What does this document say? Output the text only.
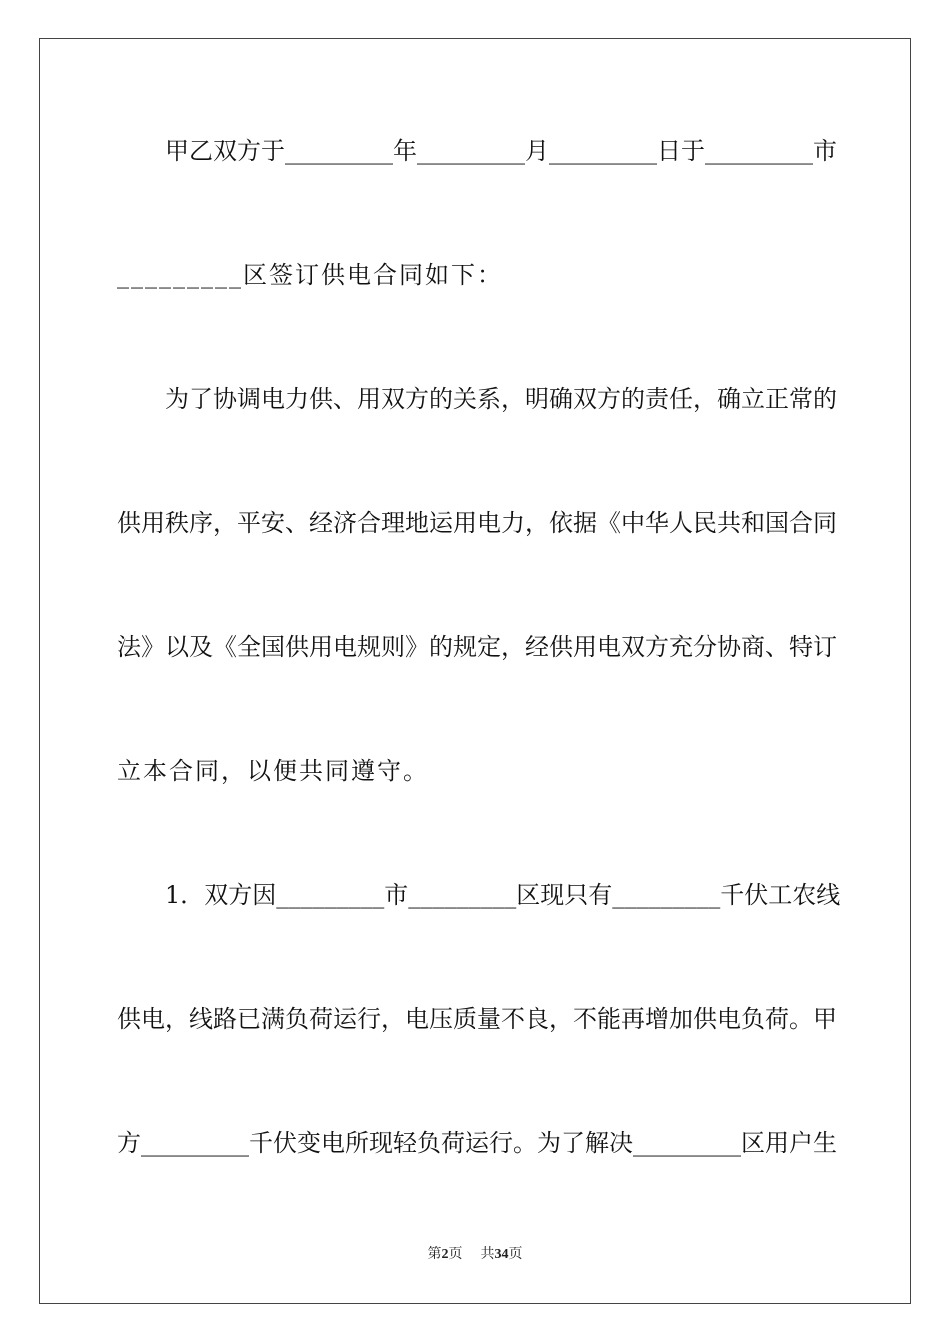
甲乙双方于_________年_________月_________日于_________市
_________区签订供电合同如下：
为了协调电力供、用双方的关系，明确双方的责任，确立正常的
供用秩序，平安、经济合理地运用电力，依据《中华人民共和国合同
法》以及《全国供用电规则》的规定，经供用电双方充分协商、特订
立本合同，以便共同遵守。
1．双方因_________市_________区现只有_________千伏工农线
供电，线路已满负荷运行，电压质量不良，不能再增加供电负荷。甲
方_________千伏变电所现轻负荷运行。为了解决_________区用户生
第2页 共34页
